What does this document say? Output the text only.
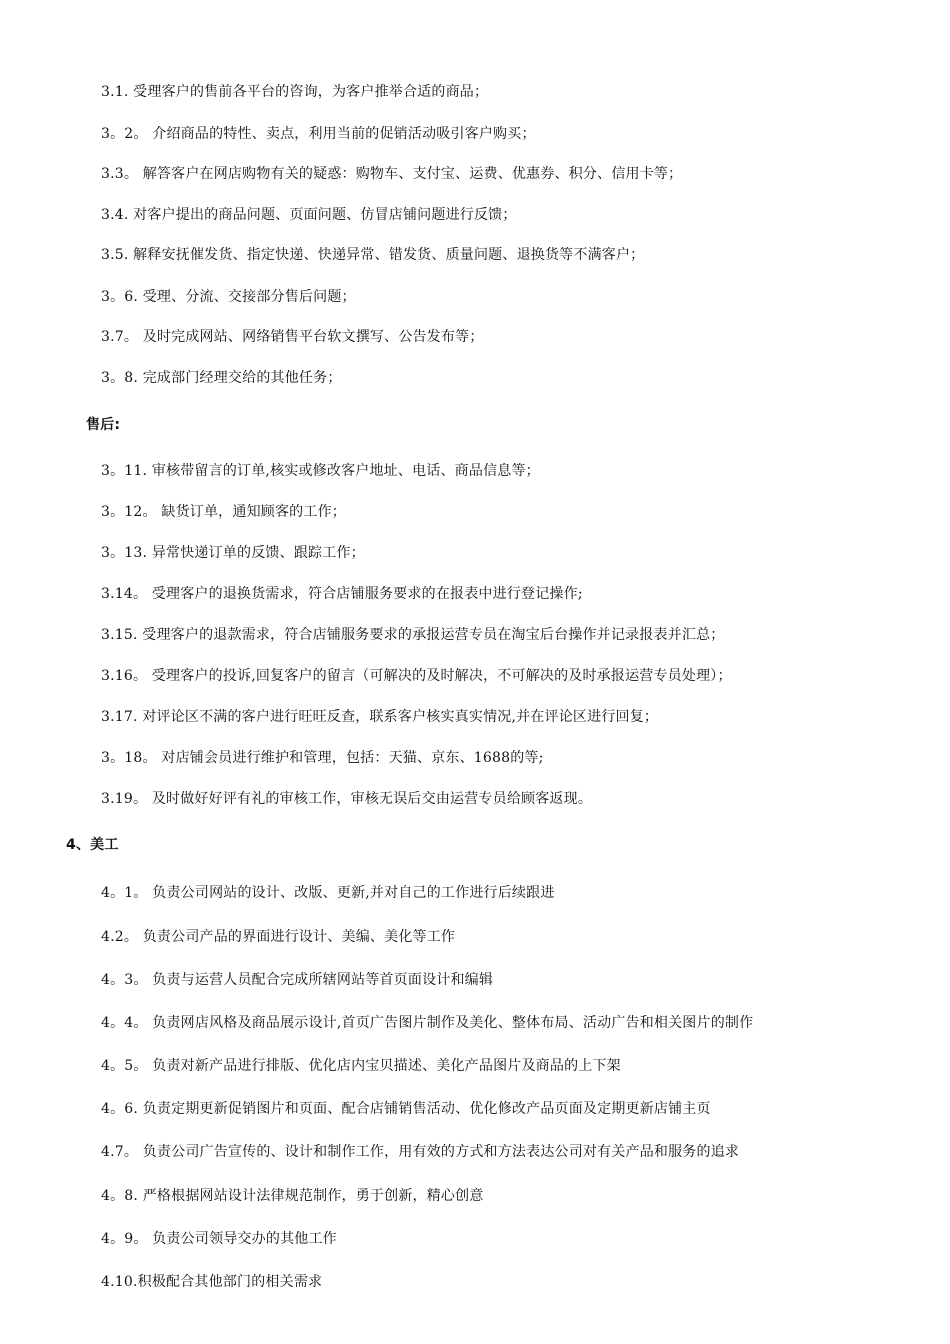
3.1. 受理客户的售前各平台的咨询，为客户推举合适的商品；
3。2。 介绍商品的特性、卖点，利用当前的促销活动吸引客户购买；
3.3。 解答客户在网店购物有关的疑惑：购物车、支付宝、运费、优惠券、积分、信用卡等；
3.4. 对客户提出的商品问题、页面问题、仿冒店铺问题进行反馈；
3.5. 解释安抚催发货、指定快递、快递异常、错发货、质量问题、退换货等不满客户；
3。6. 受理、分流、交接部分售后问题；
3.7。 及时完成网站、网络销售平台软文撰写、公告发布等；
3。8. 完成部门经理交给的其他任务；
售后:
3。11. 审核带留言的订单,核实或修改客户地址、电话、商品信息等；
3。12。 缺货订单，通知顾客的工作；
3。13. 异常快递订单的反馈、跟踪工作；
3.14。 受理客户的退换货需求，符合店铺服务要求的在报表中进行登记操作;
3.15. 受理客户的退款需求，符合店铺服务要求的承报运营专员在淘宝后台操作并记录报表并汇总；
3.16。 受理客户的投诉,回复客户的留言（可解决的及时解决，不可解决的及时承报运营专员处理）；
3.17. 对评论区不满的客户进行旺旺反查，联系客户核实真实情况,并在评论区进行回复；
3。18。 对店铺会员进行维护和管理，包括：天猫、京东、1688的等;
3.19。 及时做好好评有礼的审核工作，审核无误后交由运营专员给顾客返现。
4、美工
4。1。 负责公司网站的设计、改版、更新,并对自己的工作进行后续跟进
4.2。 负责公司产品的界面进行设计、美编、美化等工作
4。3。 负责与运营人员配合完成所辖网站等首页面设计和编辑
4。4。 负责网店风格及商品展示设计,首页广告图片制作及美化、整体布局、活动广告和相关图片的制作
4。5。 负责对新产品进行排版、优化店内宝贝描述、美化产品图片及商品的上下架
4。6. 负责定期更新促销图片和页面、配合店铺销售活动、优化修改产品页面及定期更新店铺主页
4.7。 负责公司广告宣传的、设计和制作工作，用有效的方式和方法表达公司对有关产品和服务的追求
4。8. 严格根据网站设计法律规范制作，勇于创新，精心创意
4。9。 负责公司领导交办的其他工作
4.10.积极配合其他部门的相关需求
